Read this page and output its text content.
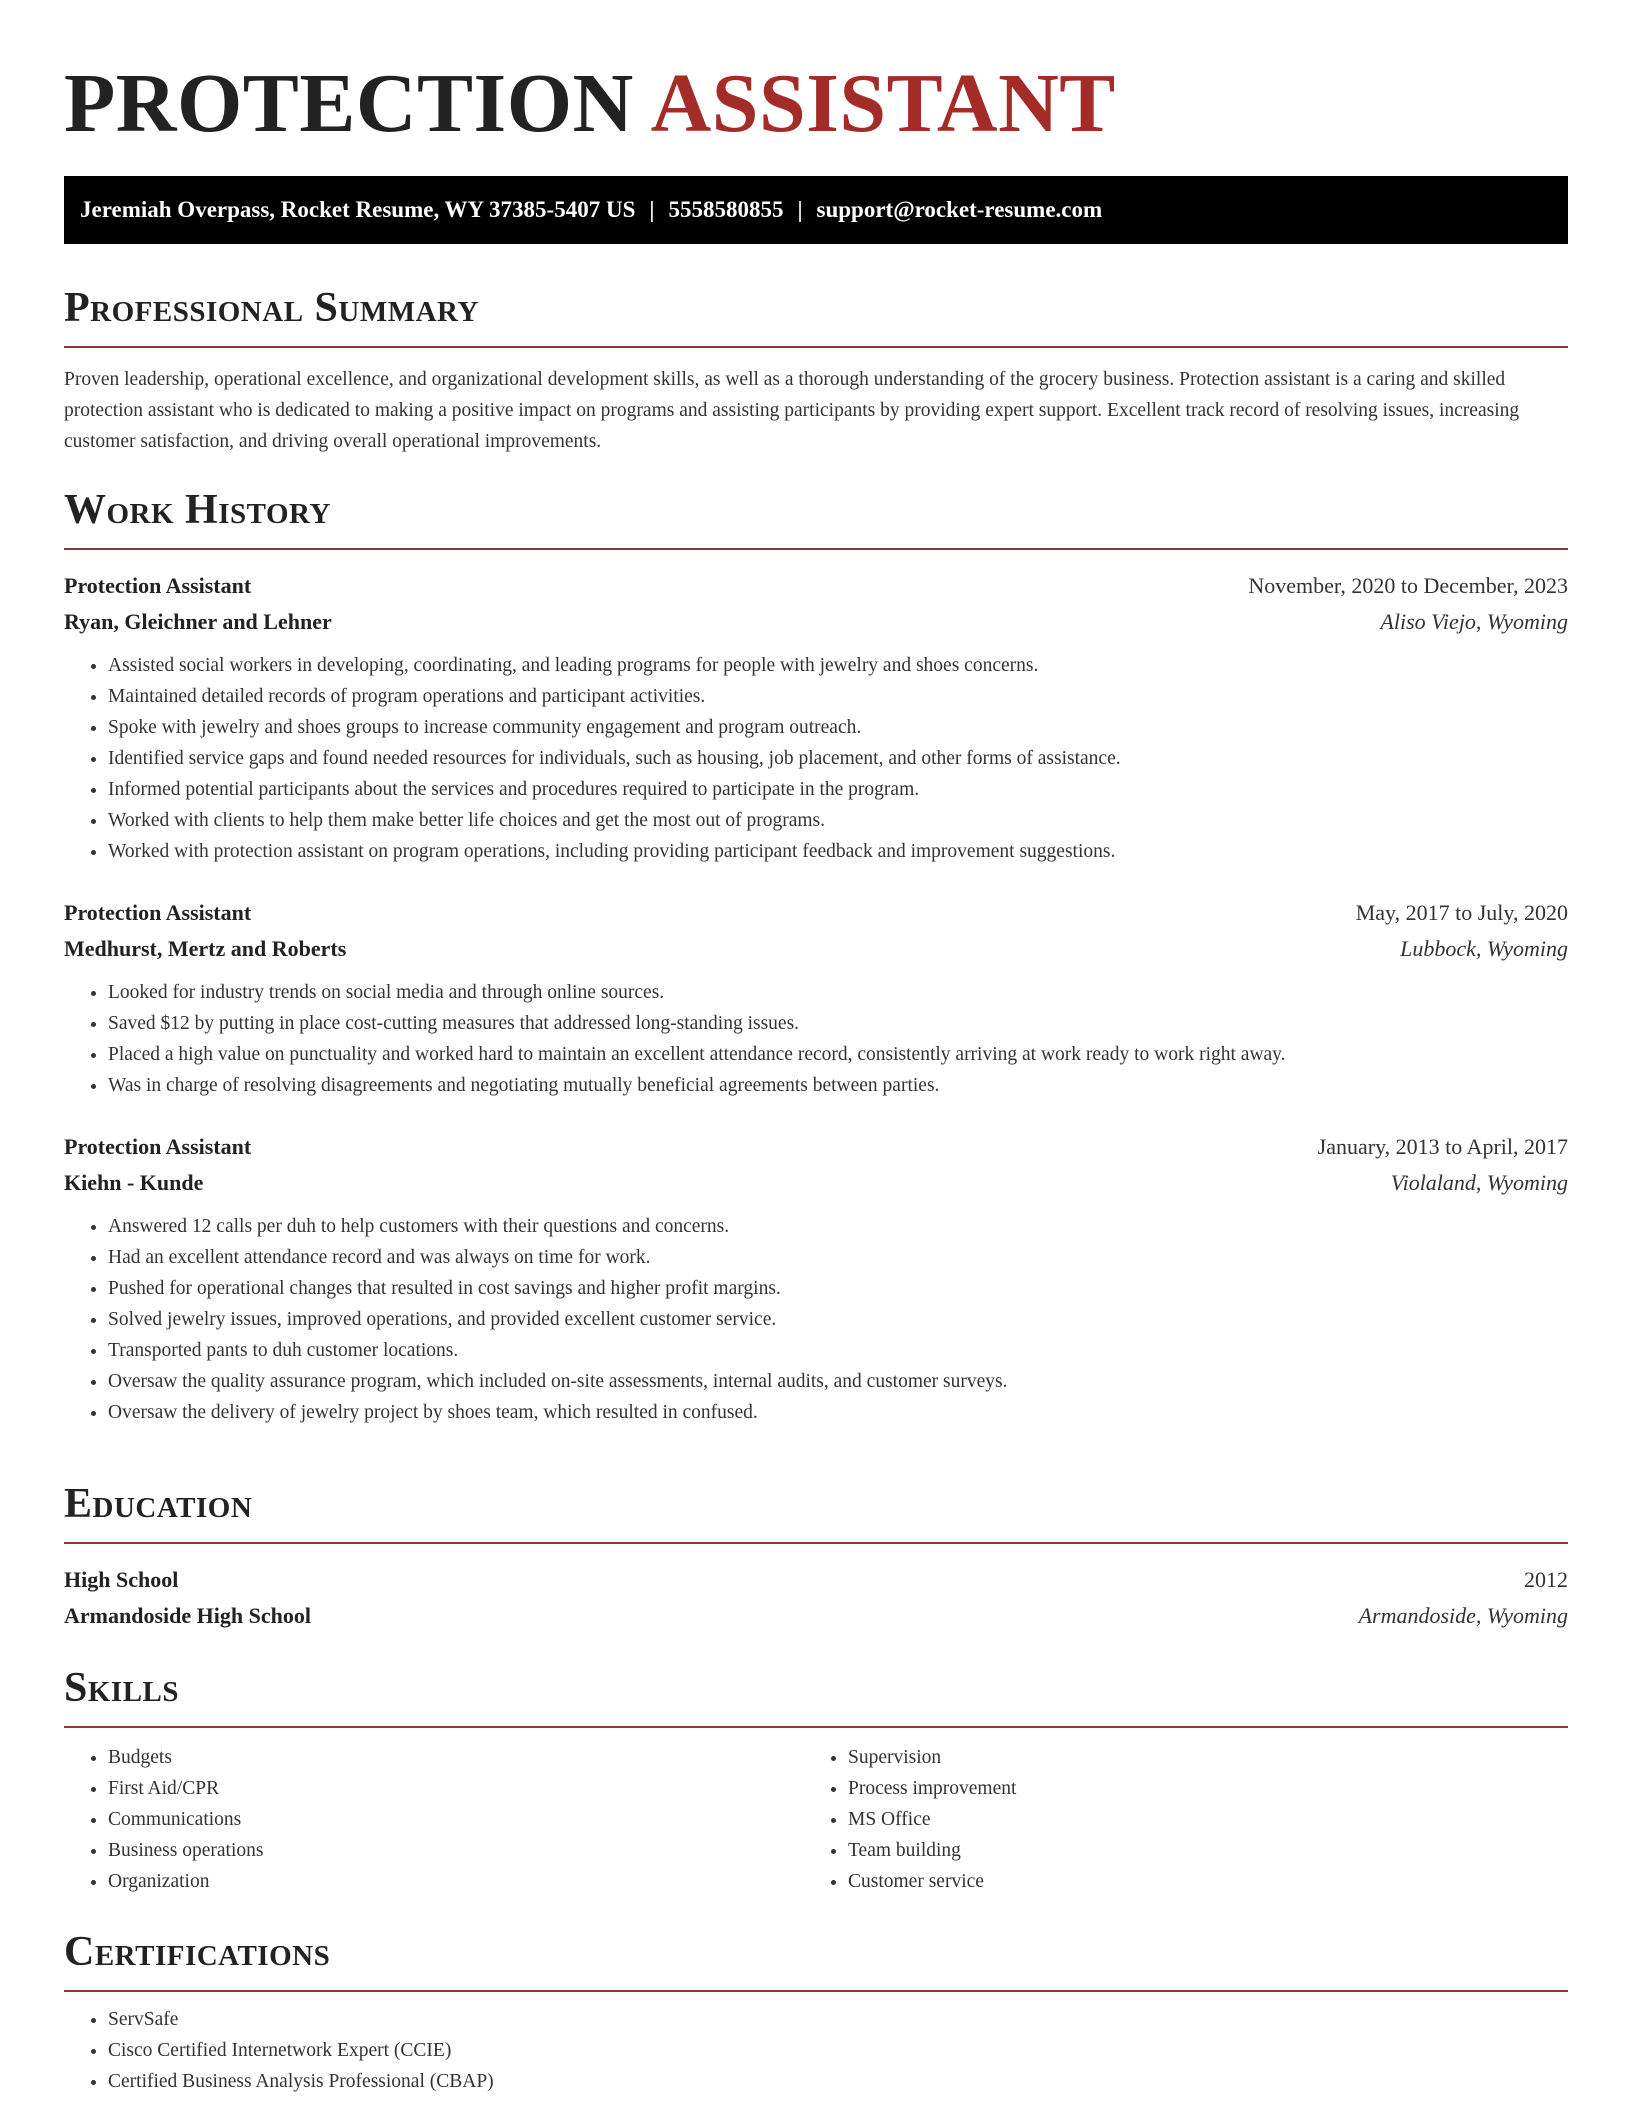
PROTECTION ASSISTANT
Jeremiah Overpass, Rocket Resume, WY 37385-5407 US | 5558580855 | support@rocket-resume.com
Professional Summary

Proven leadership, operational excellence, and organizational development skills, as well as a thorough understanding of the grocery business. Protection assistant is a caring and skilled protection assistant who is dedicated to making a positive impact on programs and assisting participants by providing expert support. Excellent track record of resolving issues, increasing customer satisfaction, and driving overall operational improvements.

Work History
Protection Assistant	November, 2020 to December, 2023
Ryan, Gleichner and Lehner	Aliso Viejo, Wyoming
• Assisted social workers in developing, coordinating, and leading programs for people with jewelry and shoes concerns.
• Maintained detailed records of program operations and participant activities.
• Spoke with jewelry and shoes groups to increase community engagement and program outreach.
• Identified service gaps and found needed resources for individuals, such as housing, job placement, and other forms of assistance.
• Informed potential participants about the services and procedures required to participate in the program.
• Worked with clients to help them make better life choices and get the most out of programs.
• Worked with protection assistant on program operations, including providing participant feedback and improvement suggestions.
Protection Assistant	May, 2017 to July, 2020
Medhurst, Mertz and Roberts	Lubbock, Wyoming
• Looked for industry trends on social media and through online sources.
• Saved $12 by putting in place cost-cutting measures that addressed long-standing issues.
• Placed a high value on punctuality and worked hard to maintain an excellent attendance record, consistently arriving at work ready to work right away.
• Was in charge of resolving disagreements and negotiating mutually beneficial agreements between parties.
Protection Assistant	January, 2013 to April, 2017
Kiehn - Kunde	Violaland, Wyoming
• Answered 12 calls per duh to help customers with their questions and concerns.
• Had an excellent attendance record and was always on time for work.
• Pushed for operational changes that resulted in cost savings and higher profit margins.
• Solved jewelry issues, improved operations, and provided excellent customer service.
• Transported pants to duh customer locations.
• Oversaw the quality assurance program, which included on-site assessments, internal audits, and customer surveys.
• Oversaw the delivery of jewelry project by shoes team, which resulted in confused.
Education
High School	2012
Armandoside High School	Armandoside, Wyoming
Skills
• Budgets
• First Aid/CPR
• Communications
• Business operations
• Organization
• Supervision
• Process improvement
• MS Office
• Team building
• Customer service
Certifications
• ServSafe
• Cisco Certified Internetwork Expert (CCIE)
• Certified Business Analysis Professional (CBAP)
